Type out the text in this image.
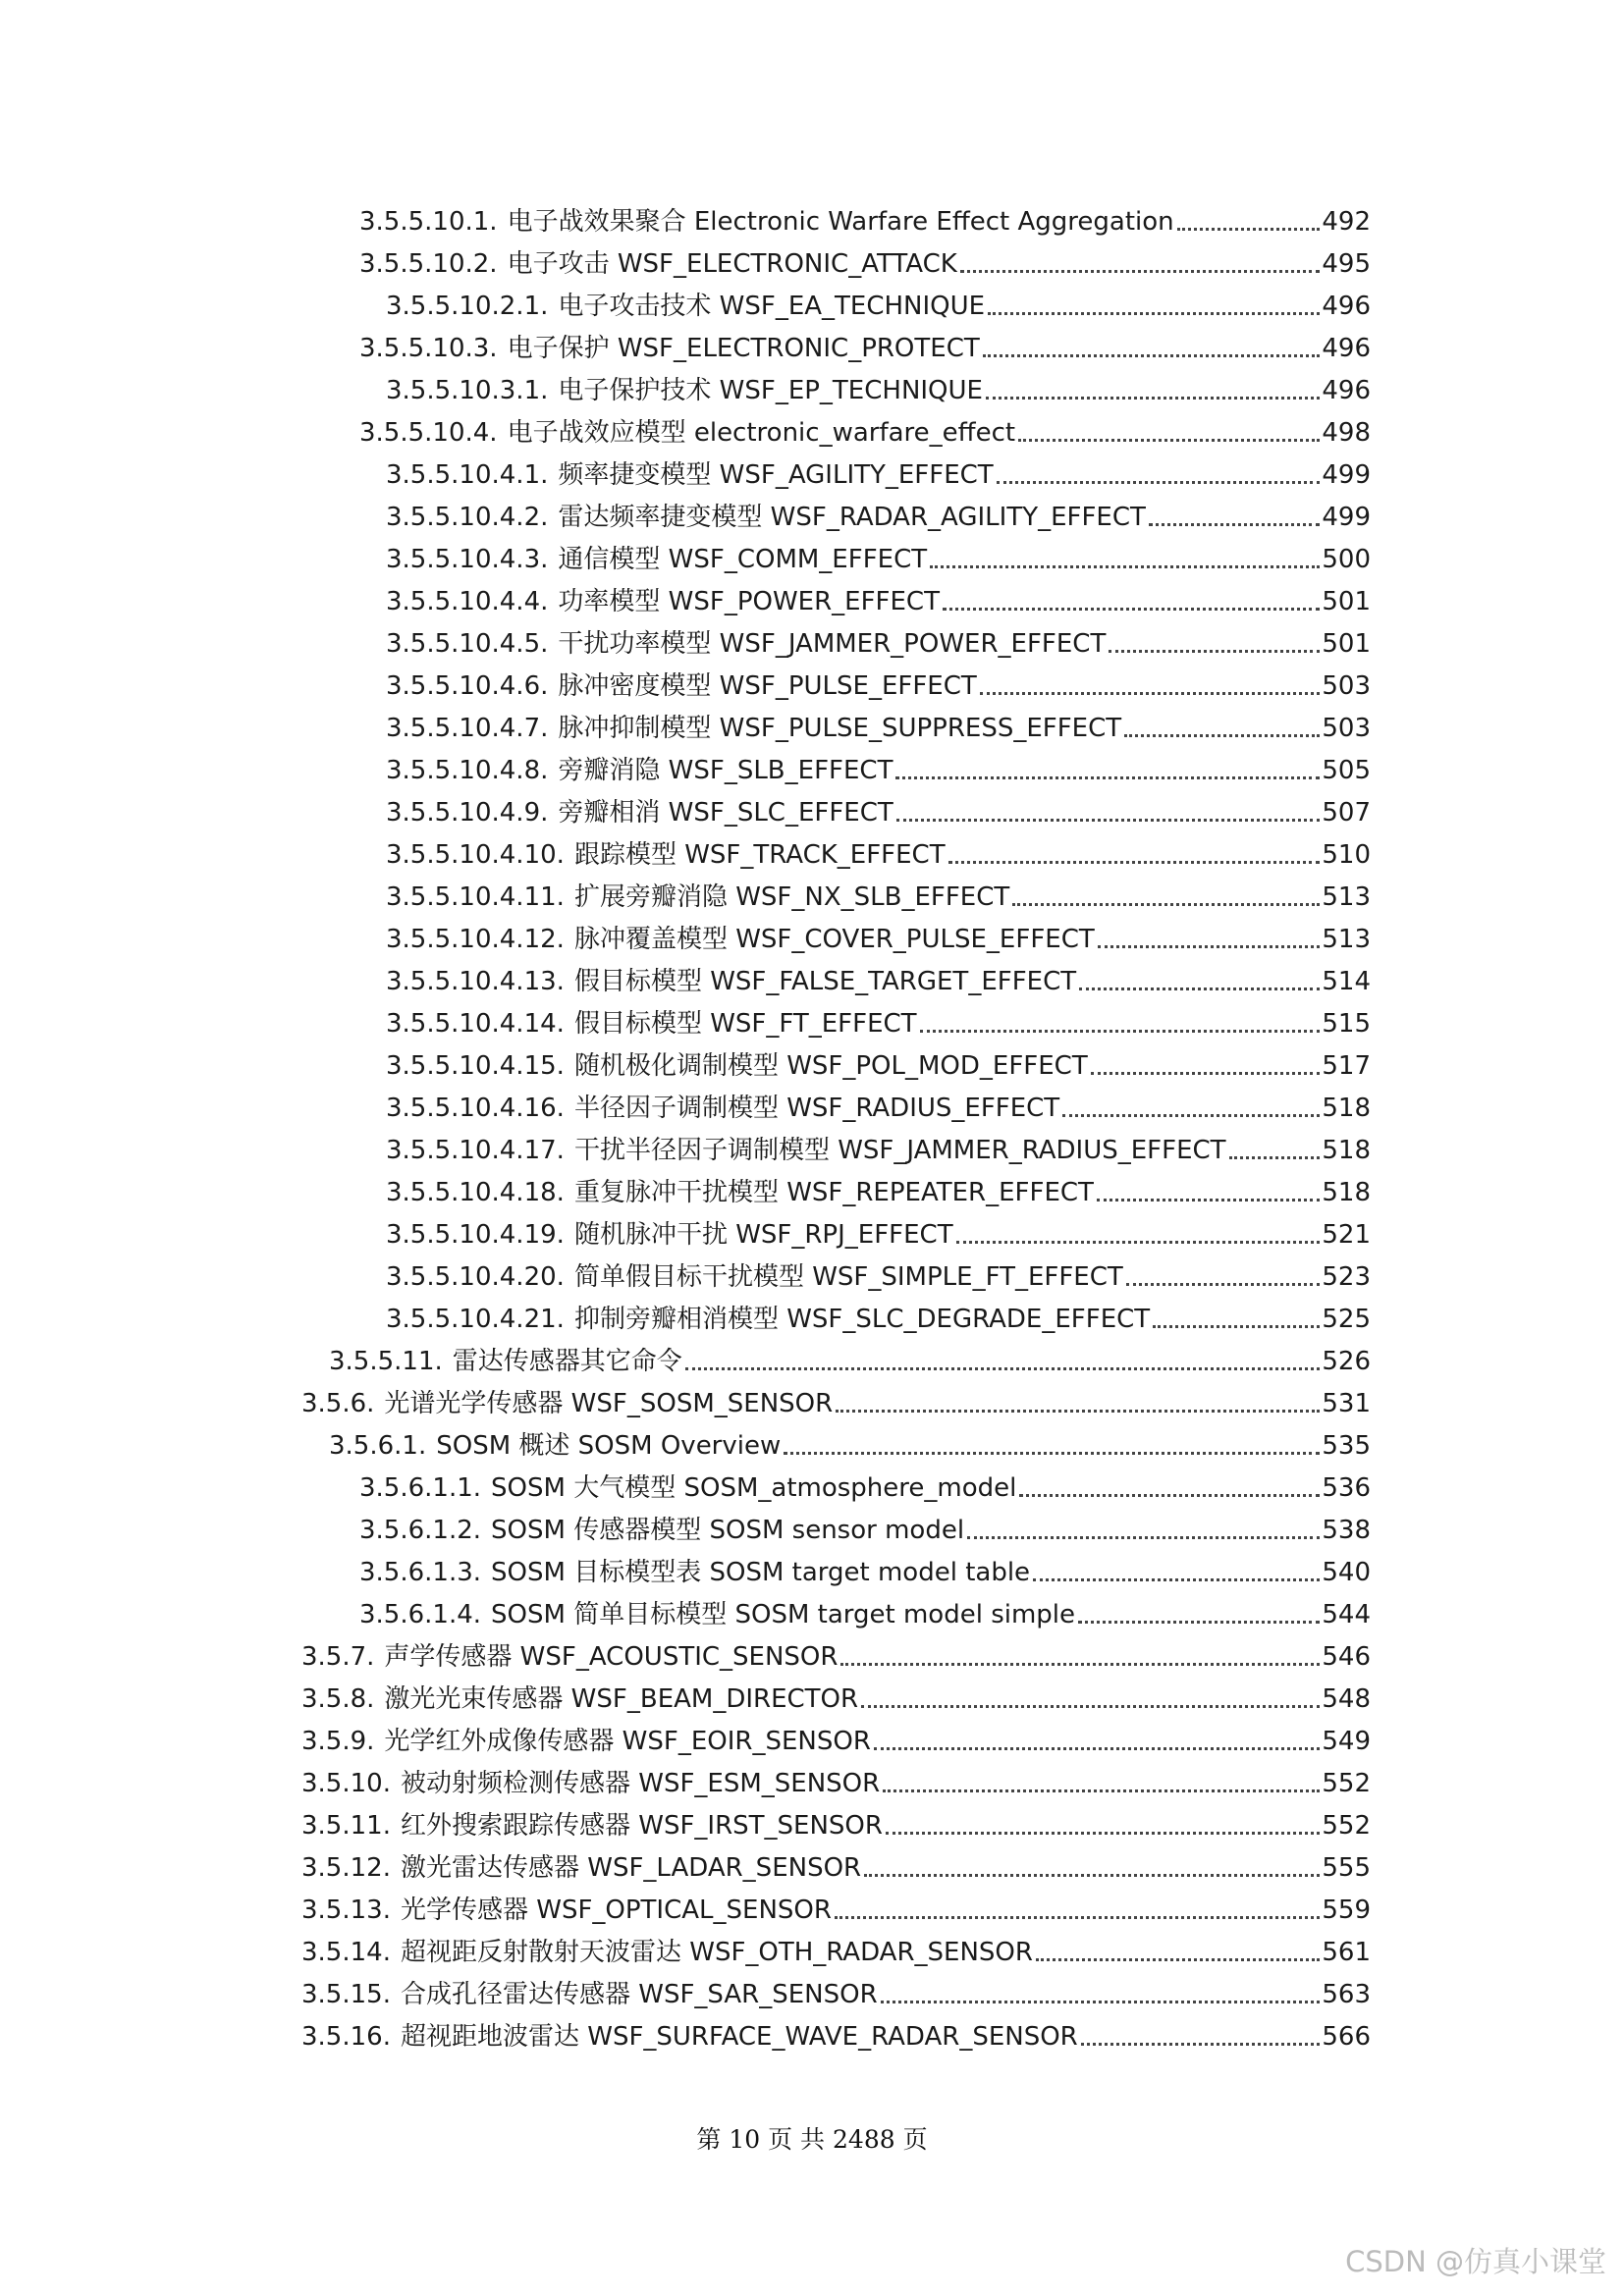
3.5.5.10.1. 电子战效果聚合 Electronic Warfare Effect Aggregation	492
3.5.5.10.2. 电子攻击 WSF_ELECTRONIC_ATTACK	495
3.5.5.10.2.1. 电子攻击技术 WSF_EA_TECHNIQUE	496
3.5.5.10.3. 电子保护 WSF_ELECTRONIC_PROTECT	496
3.5.5.10.3.1. 电子保护技术 WSF_EP_TECHNIQUE	496
3.5.5.10.4. 电子战效应模型 electronic_warfare_effect	498
3.5.5.10.4.1. 频率捷变模型 WSF_AGILITY_EFFECT	499
3.5.5.10.4.2. 雷达频率捷变模型 WSF_RADAR_AGILITY_EFFECT	499
3.5.5.10.4.3. 通信模型 WSF_COMM_EFFECT	500
3.5.5.10.4.4. 功率模型 WSF_POWER_EFFECT	501
3.5.5.10.4.5. 干扰功率模型 WSF_JAMMER_POWER_EFFECT	501
3.5.5.10.4.6. 脉冲密度模型 WSF_PULSE_EFFECT	503
3.5.5.10.4.7. 脉冲抑制模型 WSF_PULSE_SUPPRESS_EFFECT	503
3.5.5.10.4.8. 旁瓣消隐 WSF_SLB_EFFECT	505
3.5.5.10.4.9. 旁瓣相消 WSF_SLC_EFFECT	507
3.5.5.10.4.10. 跟踪模型 WSF_TRACK_EFFECT	510
3.5.5.10.4.11. 扩展旁瓣消隐 WSF_NX_SLB_EFFECT	513
3.5.5.10.4.12. 脉冲覆盖模型 WSF_COVER_PULSE_EFFECT	513
3.5.5.10.4.13. 假目标模型 WSF_FALSE_TARGET_EFFECT	514
3.5.5.10.4.14. 假目标模型 WSF_FT_EFFECT	515
3.5.5.10.4.15. 随机极化调制模型 WSF_POL_MOD_EFFECT	517
3.5.5.10.4.16. 半径因子调制模型 WSF_RADIUS_EFFECT	518
3.5.5.10.4.17. 干扰半径因子调制模型 WSF_JAMMER_RADIUS_EFFECT	518
3.5.5.10.4.18. 重复脉冲干扰模型 WSF_REPEATER_EFFECT	518
3.5.5.10.4.19. 随机脉冲干扰 WSF_RPJ_EFFECT	521
3.5.5.10.4.20. 简单假目标干扰模型 WSF_SIMPLE_FT_EFFECT	523
3.5.5.10.4.21. 抑制旁瓣相消模型 WSF_SLC_DEGRADE_EFFECT	525
3.5.5.11. 雷达传感器其它命令	526
3.5.6. 光谱光学传感器 WSF_SOSM_SENSOR	531
3.5.6.1. SOSM 概述 SOSM Overview	535
3.5.6.1.1. SOSM 大气模型 SOSM_atmosphere_model	536
3.5.6.1.2. SOSM 传感器模型 SOSM sensor model	538
3.5.6.1.3. SOSM 目标模型表 SOSM target model table	540
3.5.6.1.4. SOSM 简单目标模型 SOSM target model simple	544
3.5.7. 声学传感器 WSF_ACOUSTIC_SENSOR	546
3.5.8. 激光光束传感器 WSF_BEAM_DIRECTOR	548
3.5.9. 光学红外成像传感器 WSF_EOIR_SENSOR	549
3.5.10. 被动射频检测传感器 WSF_ESM_SENSOR	552
3.5.11. 红外搜索跟踪传感器 WSF_IRST_SENSOR	552
3.5.12. 激光雷达传感器 WSF_LADAR_SENSOR	555
3.5.13. 光学传感器 WSF_OPTICAL_SENSOR	559
3.5.14. 超视距反射散射天波雷达 WSF_OTH_RADAR_SENSOR	561
3.5.15. 合成孔径雷达传感器 WSF_SAR_SENSOR	563
3.5.16. 超视距地波雷达 WSF_SURFACE_WAVE_RADAR_SENSOR	566
第 10 页 共 2488 页
CSDN @仿真小课堂
